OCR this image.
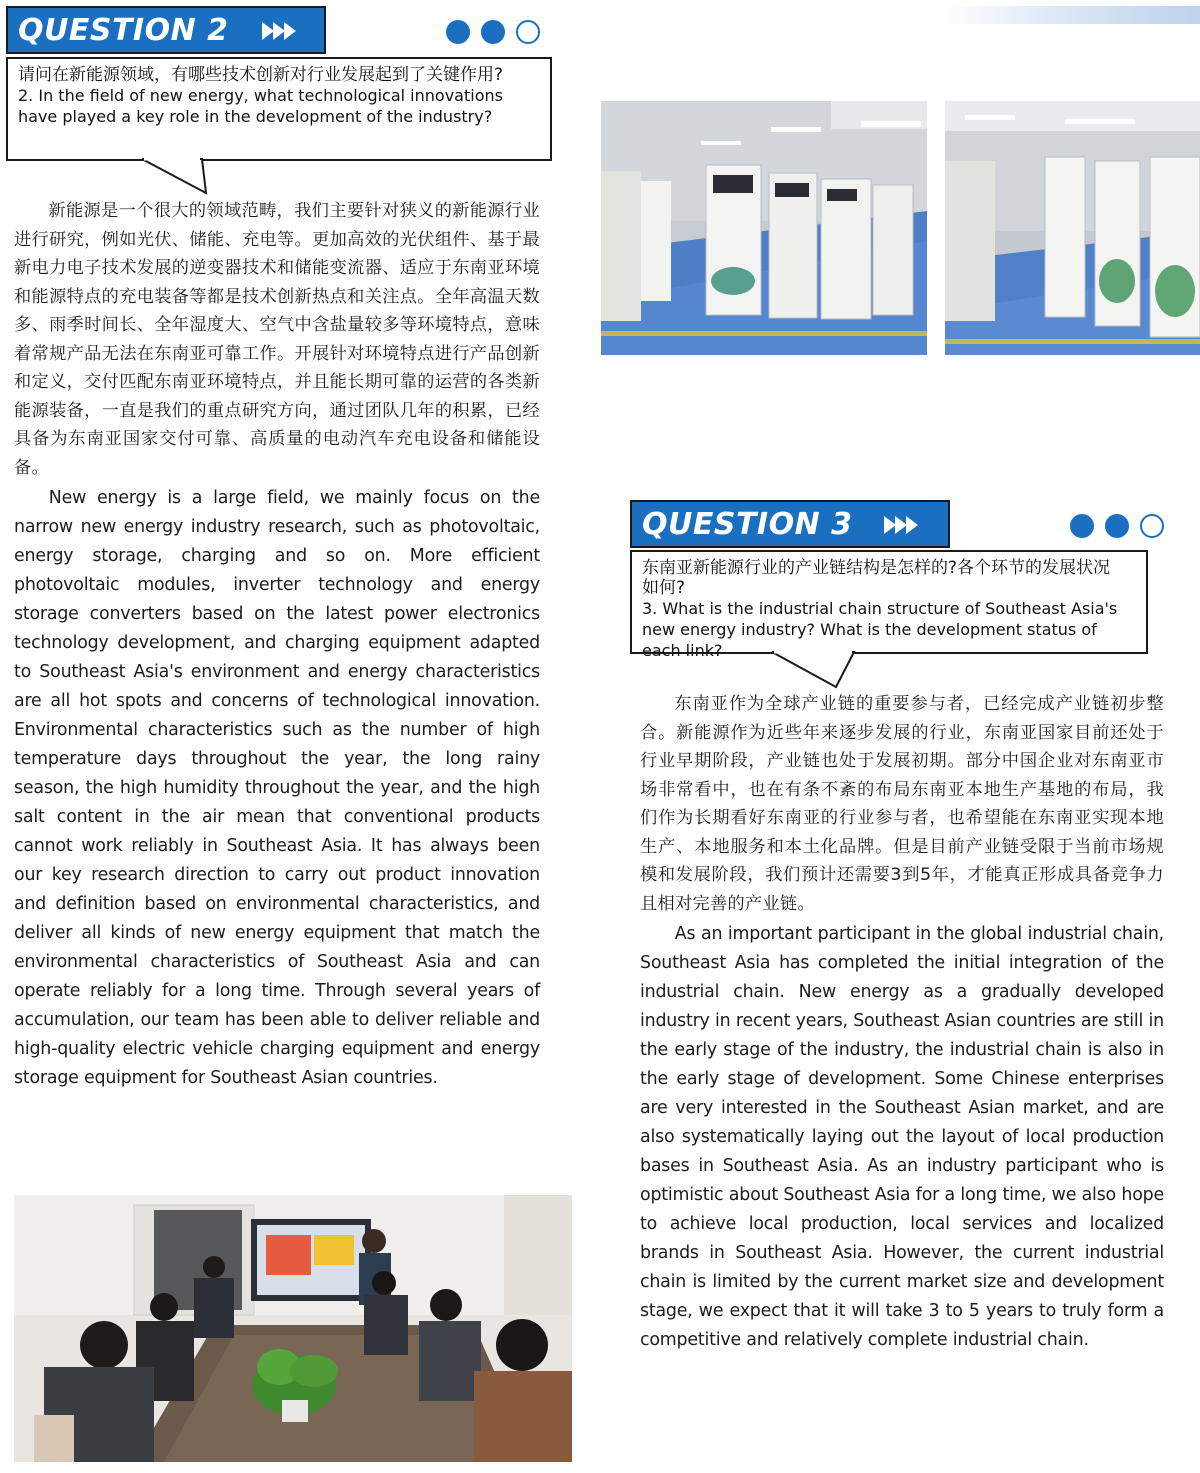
QUESTION 2
请问在新能源领域，有哪些技术创新对行业发展起到了关键作用?
2. In the field of new energy, what technological innovations have played a key role in the development of the industry?

新能源是一个很大的领域范畴，我们主要针对狭义的新能源行业进行研究，例如光伏、储能、充电等。更加高效的光伏组件、基于最新电力电子技术发展的逆变器技术和储能变流器、适应于东南亚环境和能源特点的充电装备等都是技术创新热点和关注点。全年高温天数多、雨季时间长、全年湿度大、空气中含盐量较多等环境特点，意味着常规产品无法在东南亚可靠工作。开展针对环境特点进行产品创新和定义，交付匹配东南亚环境特点，并且能长期可靠的运营的各类新能源装备，一直是我们的重点研究方向，通过团队几年的积累，已经具备为东南亚国家交付可靠、高质量的电动汽车充电设备和储能设备。

New energy is a large field, we mainly focus on the narrow new energy industry research, such as photovoltaic, energy storage, charging and so on. More efficient photovoltaic modules, inverter technology and energy storage converters based on the latest power electronics technology development, and charging equipment adapted to Southeast Asia's environment and energy characteristics are all hot spots and concerns of technological innovation. Environmental characteristics such as the number of high temperature days throughout the year, the long rainy season, the high humidity throughout the year, and the high salt content in the air mean that conventional products cannot work reliably in Southeast Asia. It has always been our key research direction to carry out product innovation and definition based on environmental characteristics, and deliver all kinds of new energy equipment that match the environmental characteristics of Southeast Asia and can operate reliably for a long time. Through several years of accumulation, our team has been able to deliver reliable and high-quality electric vehicle charging equipment and energy storage equipment for Southeast Asian countries.

QUESTION 3
东南亚新能源行业的产业链结构是怎样的?各个环节的发展状况如何?
3. What is the industrial chain structure of Southeast Asia's new energy industry? What is the development status of each link?

东南亚作为全球产业链的重要参与者，已经完成产业链初步整合。新能源作为近些年来逐步发展的行业，东南亚国家目前还处于行业早期阶段，产业链也处于发展初期。部分中国企业对东南亚市场非常看中，也在有条不紊的布局东南亚本地生产基地的布局，我们作为长期看好东南亚的行业参与者，也希望能在东南亚实现本地生产、本地服务和本土化品牌。但是目前产业链受限于当前市场规模和发展阶段，我们预计还需要3到5年，才能真正形成具备竞争力且相对完善的产业链。

As an important participant in the global industrial chain, Southeast Asia has completed the initial integration of the industrial chain. New energy as a gradually developed industry in recent years, Southeast Asian countries are still in the early stage of the industry, the industrial chain is also in the early stage of development. Some Chinese enterprises are very interested in the Southeast Asian market, and are also systematically laying out the layout of local production bases in Southeast Asia. As an industry participant who is optimistic about Southeast Asia for a long time, we also hope to achieve local production, local services and localized brands in Southeast Asia. However, the current industrial chain is limited by the current market size and development stage, we expect that it will take 3 to 5 years to truly form a competitive and relatively complete industrial chain.
